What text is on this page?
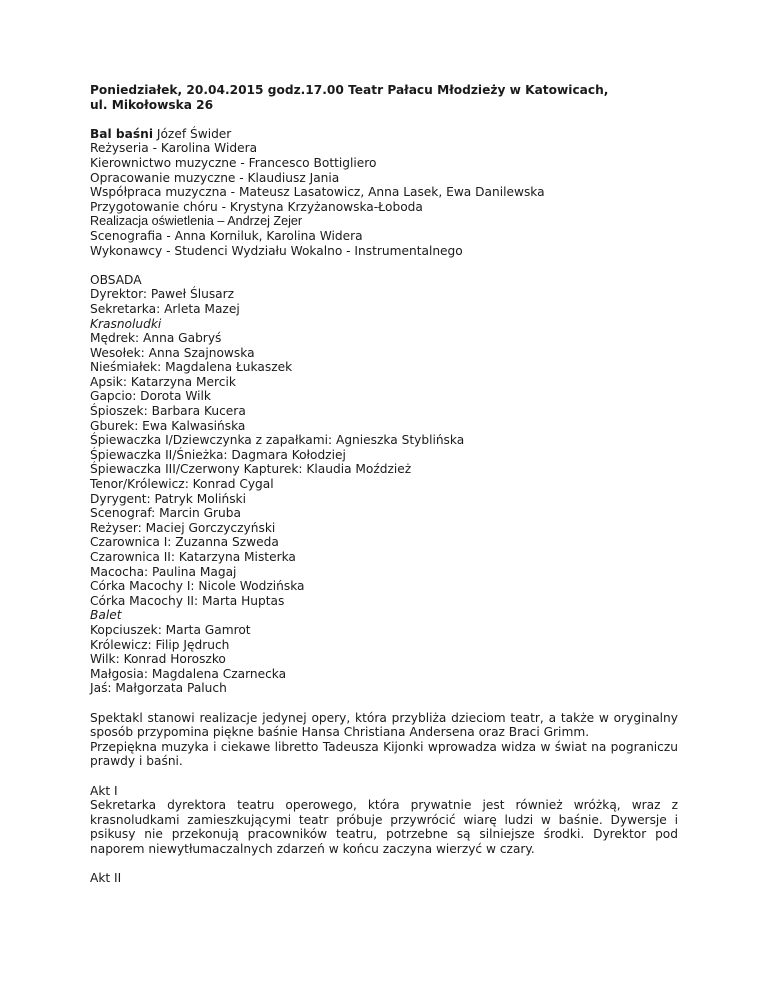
Poniedziałek, 20.04.2015 godz.17.00 Teatr Pałacu Młodzieży w Katowicach,

ul. Mikołowska 26

Bal baśni Józef Świder

Reżyseria - Karolina Widera

Kierownictwo muzyczne - Francesco Bottigliero

Opracowanie muzyczne - Klaudiusz Jania

Współpraca muzyczna - Mateusz Lasatowicz, Anna Lasek, Ewa Danilewska

Przygotowanie chóru - Krystyna Krzyżanowska-Łoboda

Realizacja oświetlenia – Andrzej Zejer

Scenografia - Anna Korniluk, Karolina Widera

Wykonawcy - Studenci Wydziału Wokalno - Instrumentalnego

OBSADA

Dyrektor: Paweł Ślusarz

Sekretarka: Arleta Mazej

Krasnoludki

Mędrek: Anna Gabryś

Wesołek: Anna Szajnowska

Nieśmiałek: Magdalena Łukaszek

Apsik: Katarzyna Mercik

Gapcio: Dorota Wilk

Śpioszek: Barbara Kucera

Gburek: Ewa Kalwasińska

Śpiewaczka I/Dziewczynka z zapałkami: Agnieszka Styblińska

Śpiewaczka II/Śnieżka: Dagmara Kołodziej

Śpiewaczka III/Czerwony Kapturek: Klaudia Moździeż

Tenor/Królewicz: Konrad Cygal

Dyrygent: Patryk Moliński

Scenograf: Marcin Gruba

Reżyser: Maciej Gorczyczyński

Czarownica I: Zuzanna Szweda

Czarownica II: Katarzyna Misterka

Macocha: Paulina Magaj

Córka Macochy I: Nicole Wodzińska

Córka Macochy II: Marta Huptas

Balet

Kopciuszek: Marta Gamrot

Królewicz: Filip Jędruch

Wilk: Konrad Horoszko

Małgosia: Magdalena Czarnecka

Jaś: Małgorzata Paluch

Spektakl stanowi realizacje jedynej opery, która przybliża dzieciom teatr, a także w oryginalny sposób przypomina piękne baśnie Hansa Christiana Andersena oraz Braci Grimm.

Przepiękna muzyka i ciekawe libretto Tadeusza Kijonki wprowadza widza w świat na pograniczu prawdy i baśni.

Akt I

Sekretarka dyrektora teatru operowego, która prywatnie jest również wróżką, wraz z krasnoludkami zamieszkującymi teatr próbuje przywrócić wiarę ludzi w baśnie. Dywersje i psikusy nie przekonują pracowników teatru, potrzebne są silniejsze środki. Dyrektor pod naporem niewytłumaczalnych zdarzeń w końcu zaczyna wierzyć w czary.

Akt II
